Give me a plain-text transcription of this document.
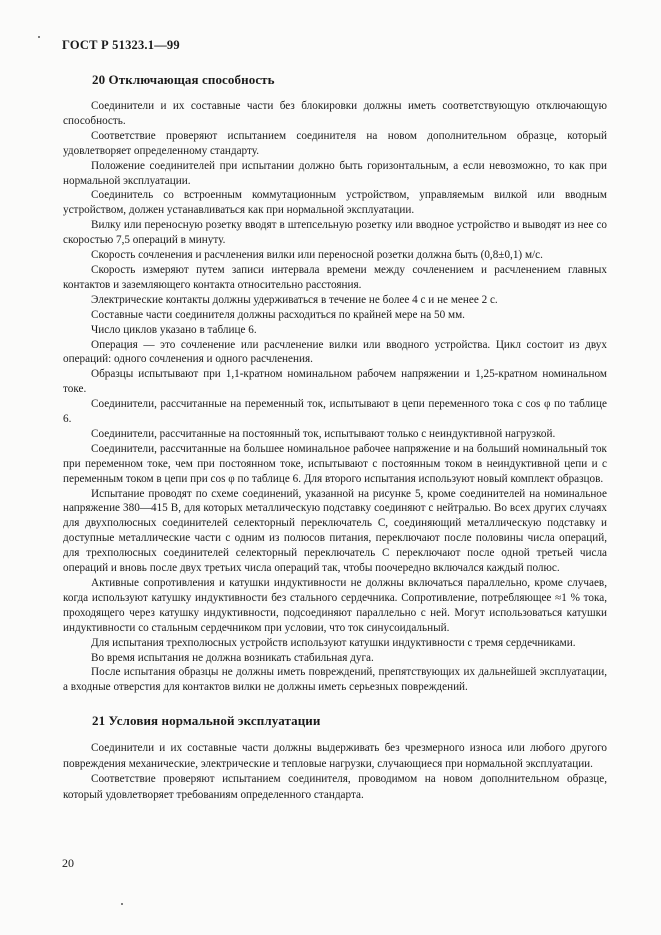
ГОСТ Р 51323.1—99
20 Отключающая способность

Соединители и их составные части без блокировки должны иметь соответствующую отключающую способность.

Соответствие проверяют испытанием соединителя на новом дополнительном образце, который удовлетворяет определенному стандарту.

Положение соединителей при испытании должно быть горизонтальным, а если невозможно, то как при нормальной эксплуатации.

Соединитель со встроенным коммутационным устройством, управляемым вилкой или вводным устройством, должен устанавливаться как при нормальной эксплуатации.

Вилку или переносную розетку вводят в штепсельную розетку или вводное устройство и выводят из нее со скоростью 7,5 операций в минуту.

Скорость сочленения и расчленения вилки или переносной розетки должна быть (0,8±0,1) м/с.

Скорость измеряют путем записи интервала времени между сочленением и расчленением главных контактов и заземляющего контакта относительно расстояния.

Электрические контакты должны удерживаться в течение не более 4 с и не менее 2 с.

Составные части соединителя должны расходиться по крайней мере на 50 мм.

Число циклов указано в таблице 6.

Операция — это сочленение или расчленение вилки или вводного устройства. Цикл состоит из двух операций: одного сочленения и одного расчленения.

Образцы испытывают при 1,1-кратном номинальном рабочем напряжении и 1,25-кратном номинальном токе.

Соединители, рассчитанные на переменный ток, испытывают в цепи переменного тока с cos φ по таблице 6.

Соединители, рассчитанные на постоянный ток, испытывают только с неиндуктивной нагрузкой.

Соединители, рассчитанные на большее номинальное рабочее напряжение и на больший номинальный ток при переменном токе, чем при постоянном токе, испытывают с постоянным током в неиндуктивной цепи и с переменным током в цепи при cos φ по таблице 6. Для второго испытания используют новый комплект образцов.

Испытание проводят по схеме соединений, указанной на рисунке 5, кроме соединителей на номинальное напряжение 380—415 В, для которых металлическую подставку соединяют с нейтралью. Во всех других случаях для двухполюсных соединителей селекторный переключатель С, соединяющий металлическую подставку и доступные металлические части с одним из полюсов питания, переключают после половины числа операций, для трехполюсных соединителей селекторный переключатель С переключают после одной третьей числа операций и вновь после двух третьих числа операций так, чтобы поочередно включался каждый полюс.

Активные сопротивления и катушки индуктивности не должны включаться параллельно, кроме случаев, когда используют катушку индуктивности без стального сердечника. Сопротивление, потребляющее ≈1 % тока, проходящего через катушку индуктивности, подсоединяют параллельно с ней. Могут использоваться катушки индуктивности со стальным сердечником при условии, что ток синусоидальный.

Для испытания трехполюсных устройств используют катушки индуктивности с тремя сердечниками.

Во время испытания не должна возникать стабильная дуга.

После испытания образцы не должны иметь повреждений, препятствующих их дальнейшей эксплуатации, а входные отверстия для контактов вилки не должны иметь серьезных повреждений.

21 Условия нормальной эксплуатации

Соединители и их составные части должны выдерживать без чрезмерного износа или любого другого повреждения механические, электрические и тепловые нагрузки, случающиеся при нормальной эксплуатации.

Соответствие проверяют испытанием соединителя, проводимом на новом дополнительном образце, который удовлетворяет требованиям определенного стандарта.

20
